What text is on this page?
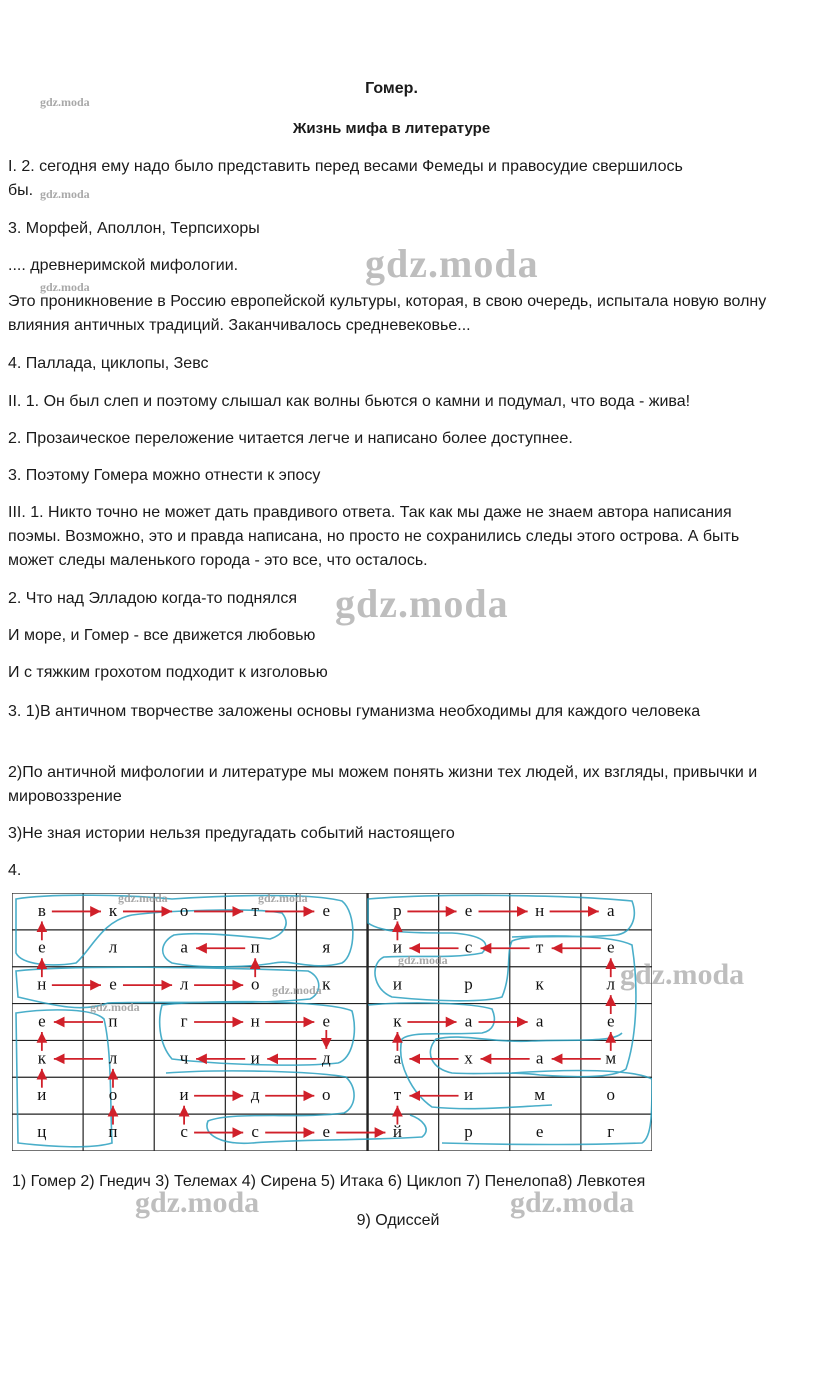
gdz.moda
gdz.moda
gdz.moda
Гомер.
Жизнь мифа в литературе
I. 2. сегодня ему надо было представить перед весами Фемеды и правосудие свершилось
бы.
3. Морфей, Аполлон, Терпсихоры
.... древнеримской мифологии.
Это проникновение в Россию европейской культуры, которая, в свою очередь, испытала новую волну влияния античных традиций. Заканчивалось средневековье...
4. Паллада, циклопы, Зевс
II. 1. Он был слеп и поэтому слышал как волны бьются о камни и подумал, что вода - жива!
2. Прозаическое переложение читается легче и написано более доступнее.
3. Поэтому Гомера можно отнести к эпосу
III. 1. Никто точно не может дать правдивого ответа. Так как мы даже не знаем автора написания поэмы. Возможно, это и правда написана, но просто не сохранились следы этого острова. А быть может следы маленького города - это все, что осталось.
2. Что над Элладою когда-то поднялся
И море, и Гомер - все движется любовью
И с тяжким грохотом подходит к изголовью
3. 1)В античном творчестве заложены основы гуманизма необходимы для каждого человека
2)По античной мифологии и литературе мы можем понять жизни тех людей, их взгляды, привычки и мировоззрение
3)Не зная истории нельзя предугадать событий настоящего
4.
gdz.moda
gdz.moda
в	к	о	т	е	р	е	н	а
е	л	а	п	я	и	с	т	е
н	е	л	о	к	и	р	к	л
е	п	г	н	е	к	а	а	е
к	л	ч	и	д	а	х	а	м
и	о	и	д	о	т	и	м	о
ц	п	с	с	е	й	р	е	г
gdz.moda	gdz.moda
gdz.moda
gdz.moda
gdz.moda	gdz.moda
1) Гомер 2) Гнедич 3) Телемах 4) Сирена 5) Итака 6) Циклоп 7) Пенелопа8) Левкотея
9) Одиссей
gdz.moda	gdz.moda
